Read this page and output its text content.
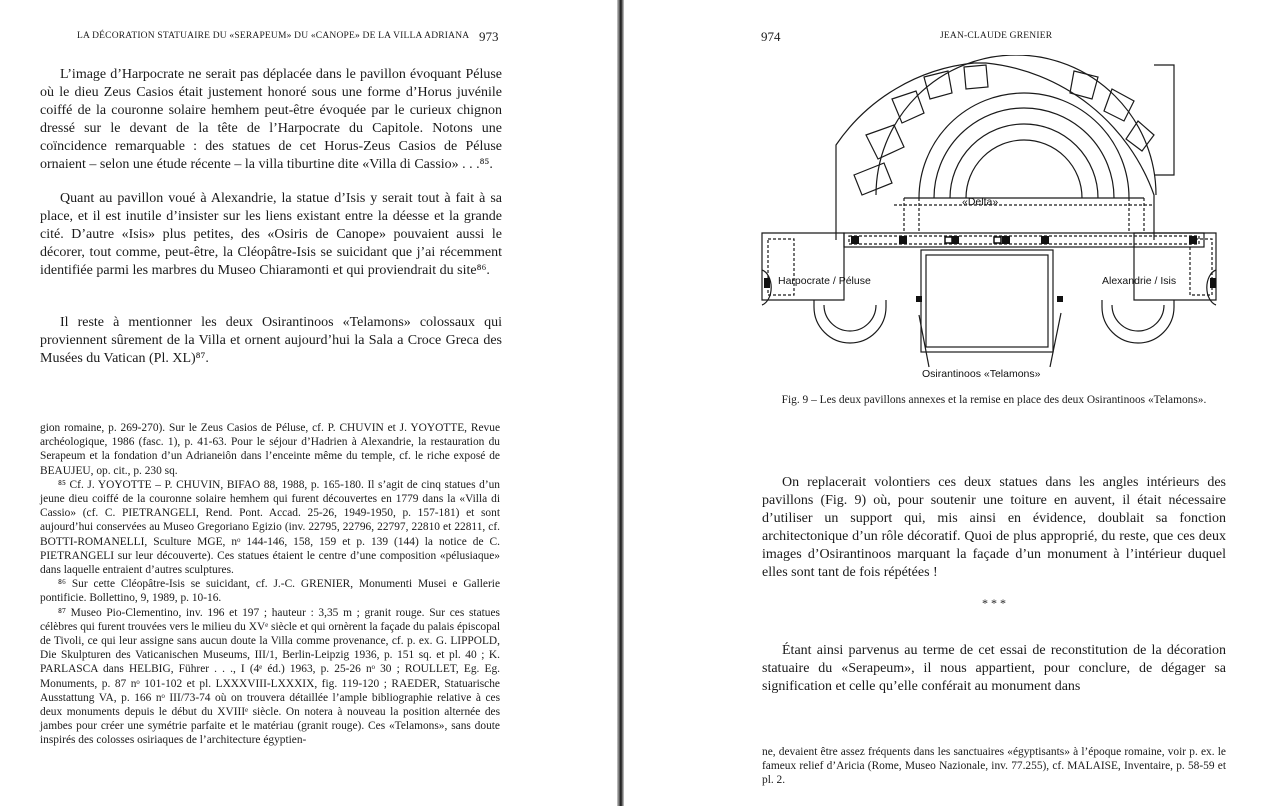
LA DÉCORATION STATUAIRE DU «SERAPEUM» DU «CANOPE» DE LA VILLA ADRIANA 973

L’image d’Harpocrate ne serait pas déplacée dans le pavillon évoquant Péluse où le dieu Zeus Casios était justement honoré sous une forme d’Horus juvénile coiffé de la couronne solaire hemhem peut-être évoquée par le curieux chignon dressé sur le devant de la tête de l’Harpocrate du Capitole. Notons une coïncidence remarquable : des statues de cet Horus-Zeus Casios de Péluse ornaient – selon une étude récente – la villa tiburtine dite «Villa di Cassio» . . .⁸⁵.

Quant au pavillon voué à Alexandrie, la statue d’Isis y serait tout à fait à sa place, et il est inutile d’insister sur les liens existant entre la déesse et la grande cité. D’autre «Isis» plus petites, des «Osiris de Canope» pouvaient aussi le décorer, tout comme, peut-être, la Cléopâtre-Isis se suicidant que j’ai récemment identifiée parmi les marbres du Museo Chiaramonti et qui proviendrait du site⁸⁶.

Il reste à mentionner les deux Osirantinoos «Telamons» colossaux qui proviennent sûrement de la Villa et ornent aujourd’hui la Sala a Croce Greca des Musées du Vatican (Pl. XL)⁸⁷.

gion romaine, p. 269-270). Sur le Zeus Casios de Péluse, cf. P. CHUVIN et J. YOYOTTE, Revue archéologique, 1986 (fasc. 1), p. 41-63. Pour le séjour d’Hadrien à Alexandrie, la restauration du Serapeum et la fondation d’un Adrianeiôn dans l’enceinte même du temple, cf. le riche exposé de BEAUJEU, op. cit., p. 230 sq.

⁸⁵ Cf. J. YOYOTTE – P. CHUVIN, BIFAO 88, 1988, p. 165-180. Il s’agit de cinq statues d’un jeune dieu coiffé de la couronne solaire hemhem qui furent découvertes en 1779 dans la «Villa di Cassio» (cf. C. PIETRANGELI, Rend. Pont. Accad. 25-26, 1949-1950, p. 157-181) et sont aujourd’hui conservées au Museo Gregoriano Egizio (inv. 22795, 22796, 22797, 22810 et 22811, cf. BOTTI-ROMANELLI, Sculture MGE, nᵒ 144-146, 158, 159 et p. 139 (144) la notice de C. PIETRANGELI sur leur découverte). Ces statues étaient le centre d’une composition «pélusiaque» dans laquelle entraient d’autres sculptures.

⁸⁶ Sur cette Cléopâtre-Isis se suicidant, cf. J.-C. GRENIER, Monumenti Musei e Gallerie pontificie. Bollettino, 9, 1989, p. 10-16.

⁸⁷ Museo Pio-Clementino, inv. 196 et 197 ; hauteur : 3,35 m ; granit rouge. Sur ces statues célèbres qui furent trouvées vers le milieu du XVᵉ siècle et qui ornèrent la façade du palais épiscopal de Tivoli, ce qui leur assigne sans aucun doute la Villa comme provenance, cf. p. ex. G. LIPPOLD, Die Skulpturen des Vaticanischen Museums, III/1, Berlin-Leipzig 1936, p. 151 sq. et pl. 40 ; K. PARLASCA dans HELBIG, Führer . . ., I (4ᵉ éd.) 1963, p. 25-26 nᵒ 30 ; ROULLET, Eg. Eg. Monuments, p. 87 nᵒ 101-102 et pl. LXXXVIII-LXXXIX, fig. 119-120 ; RAEDER, Statuarische Ausstattung VA, p. 166 nᵒ III/73-74 où on trouvera détaillée l’ample bibliographie relative à ces deux monuments depuis le début du XVIIIᵉ siècle. On notera à nouveau la position alternée des jambes pour créer une symétrie parfaite et le matériau (granit rouge). Ces «Telamons», sans doute inspirés des colosses osiriaques de l’architecture égyptien-

974	JEAN-CLAUDE GRENIER
«Delta»
Harpocrate / Péluse	Alexandrie / Isis
Osirantinoos «Telamons»

Fig. 9 – Les deux pavillons annexes et la remise en place des deux Osirantinoos «Telamons».

On replacerait volontiers ces deux statues dans les angles intérieurs des pavillons (Fig. 9) où, pour soutenir une toiture en auvent, il était nécessaire d’utiliser un support qui, mis ainsi en évidence, doublait sa fonction architectonique d’un rôle décoratif. Quoi de plus approprié, du reste, que ces deux images d’Osirantinoos marquant la façade d’un monument à l’intérieur duquel elles sont tant de fois répétées !

* * *

Étant ainsi parvenus au terme de cet essai de reconstitution de la décoration statuaire du «Serapeum», il nous appartient, pour conclure, de dégager sa signification et celle qu’elle conférait au monument dans

ne, devaient être assez fréquents dans les sanctuaires «égyptisants» à l’époque romaine, voir p. ex. le fameux relief d’Aricia (Rome, Museo Nazionale, inv. 77.255), cf. MALAISE, Inventaire, p. 58-59 et pl. 2.
